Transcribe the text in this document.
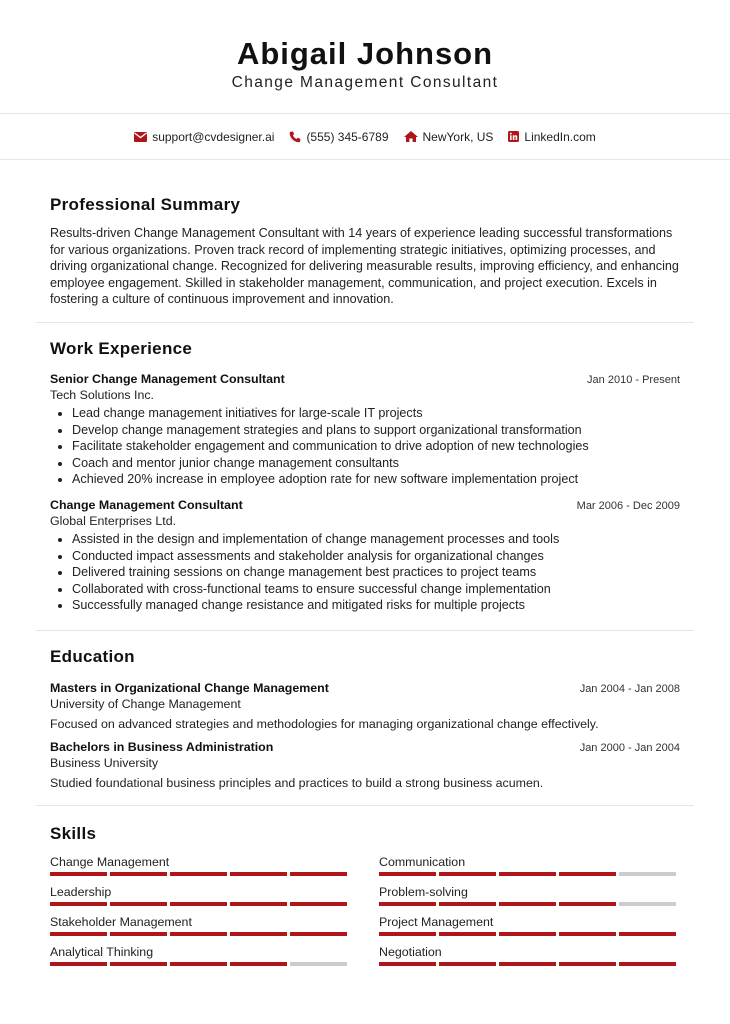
Abigail Johnson
Change Management Consultant
support@cvdesigner.ai	(555) 345-6789	NewYork, US	LinkedIn.com
Professional Summary
Results-driven Change Management Consultant with 14 years of experience leading successful transformations for various organizations. Proven track record of implementing strategic initiatives, optimizing processes, and driving organizational change. Recognized for delivering measurable results, improving efficiency, and enhancing employee engagement. Skilled in stakeholder management, communication, and project execution. Excels in fostering a culture of continuous improvement and innovation.
Work Experience
Senior Change Management Consultant	Jan 2010 - Present
Tech Solutions Inc.
• Lead change management initiatives for large-scale IT projects
• Develop change management strategies and plans to support organizational transformation
• Facilitate stakeholder engagement and communication to drive adoption of new technologies
• Coach and mentor junior change management consultants
• Achieved 20% increase in employee adoption rate for new software implementation project
Change Management Consultant	Mar 2006 - Dec 2009
Global Enterprises Ltd.
• Assisted in the design and implementation of change management processes and tools
• Conducted impact assessments and stakeholder analysis for organizational changes
• Delivered training sessions on change management best practices to project teams
• Collaborated with cross-functional teams to ensure successful change implementation
• Successfully managed change resistance and mitigated risks for multiple projects
Education
Masters in Organizational Change Management	Jan 2004 - Jan 2008
University of Change Management
Focused on advanced strategies and methodologies for managing organizational change effectively.
Bachelors in Business Administration	Jan 2000 - Jan 2004
Business University
Studied foundational business principles and practices to build a strong business acumen.
Skills
Change Management	Communication
Leadership	Problem-solving
Stakeholder Management	Project Management
Analytical Thinking	Negotiation
